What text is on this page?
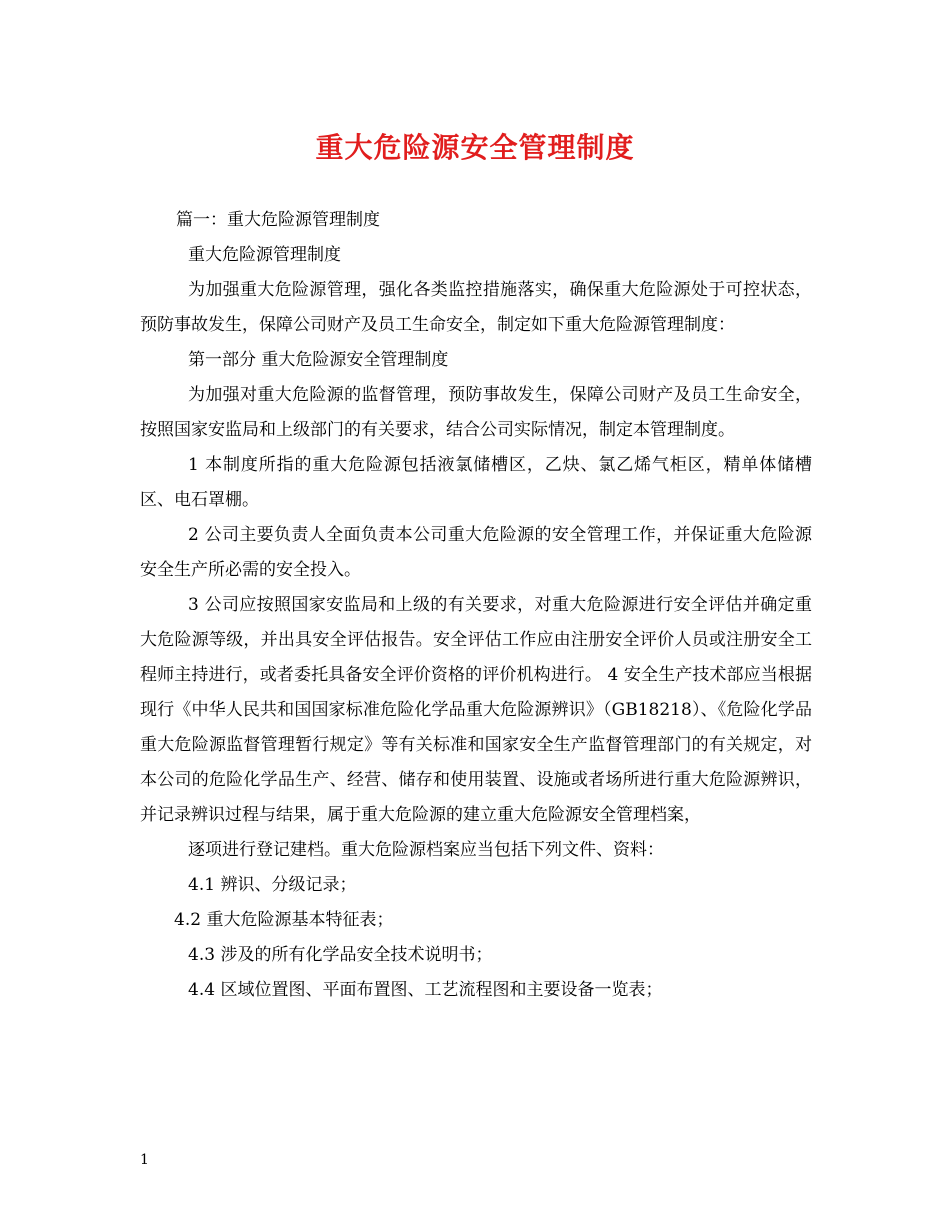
重大危险源安全管理制度

篇一：重大危险源管理制度

重大危险源管理制度

为加强重大危险源管理，强化各类监控措施落实，确保重大危险源处于可控状态，预防事故发生，保障公司财产及员工生命安全，制定如下重大危险源管理制度：

第一部分 重大危险源安全管理制度

为加强对重大危险源的监督管理，预防事故发生，保障公司财产及员工生命安全，按照国家安监局和上级部门的有关要求，结合公司实际情况，制定本管理制度。

1 本制度所指的重大危险源包括液氯储槽区，乙炔、氯乙烯气柜区，精单体储槽区、电石罩棚。

2 公司主要负责人全面负责本公司重大危险源的安全管理工作，并保证重大危险源安全生产所必需的安全投入。

3 公司应按照国家安监局和上级的有关要求，对重大危险源进行安全评估并确定重大危险源等级，并出具安全评估报告。安全评估工作应由注册安全评价人员或注册安全工程师主持进行，或者委托具备安全评价资格的评价机构进行。 4 安全生产技术部应当根据现行《中华人民共和国国家标准危险化学品重大危险源辨识》（GB18218）、《危险化学品重大危险源监督管理暂行规定》等有关标准和国家安全生产监督管理部门的有关规定，对本公司的危险化学品生产、经营、储存和使用装置、设施或者场所进行重大危险源辨识，并记录辨识过程与结果，属于重大危险源的建立重大危险源安全管理档案，

逐项进行登记建档。重大危险源档案应当包括下列文件、资料：

4.1 辨识、分级记录；

4.2 重大危险源基本特征表；

4.3 涉及的所有化学品安全技术说明书；

4.4 区域位置图、平面布置图、工艺流程图和主要设备一览表；

1
